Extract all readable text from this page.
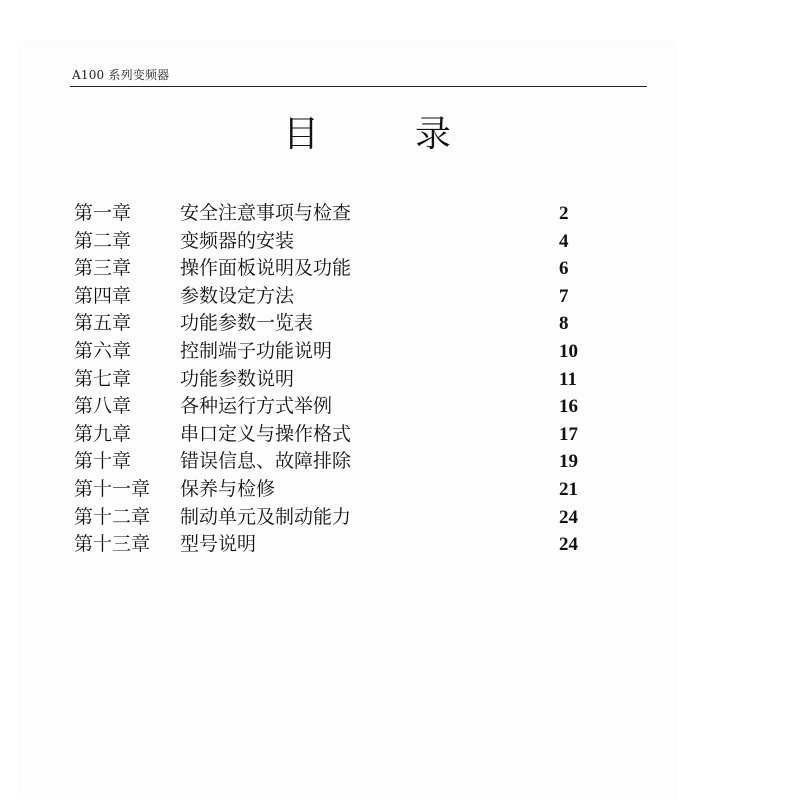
A100 系列变频器
目	录
第一章	安全注意事项与检查	2
第二章	变频器的安装	4
第三章	操作面板说明及功能	6
第四章	参数设定方法	7
第五章	功能参数一览表	8
第六章	控制端子功能说明	10
第七章	功能参数说明	11
第八章	各种运行方式举例	16
第九章	串口定义与操作格式	17
第十章	错误信息、故障排除	19
第十一章 保养与检修	21
第十二章 制动单元及制动能力	24
第十三章 型号说明	24
